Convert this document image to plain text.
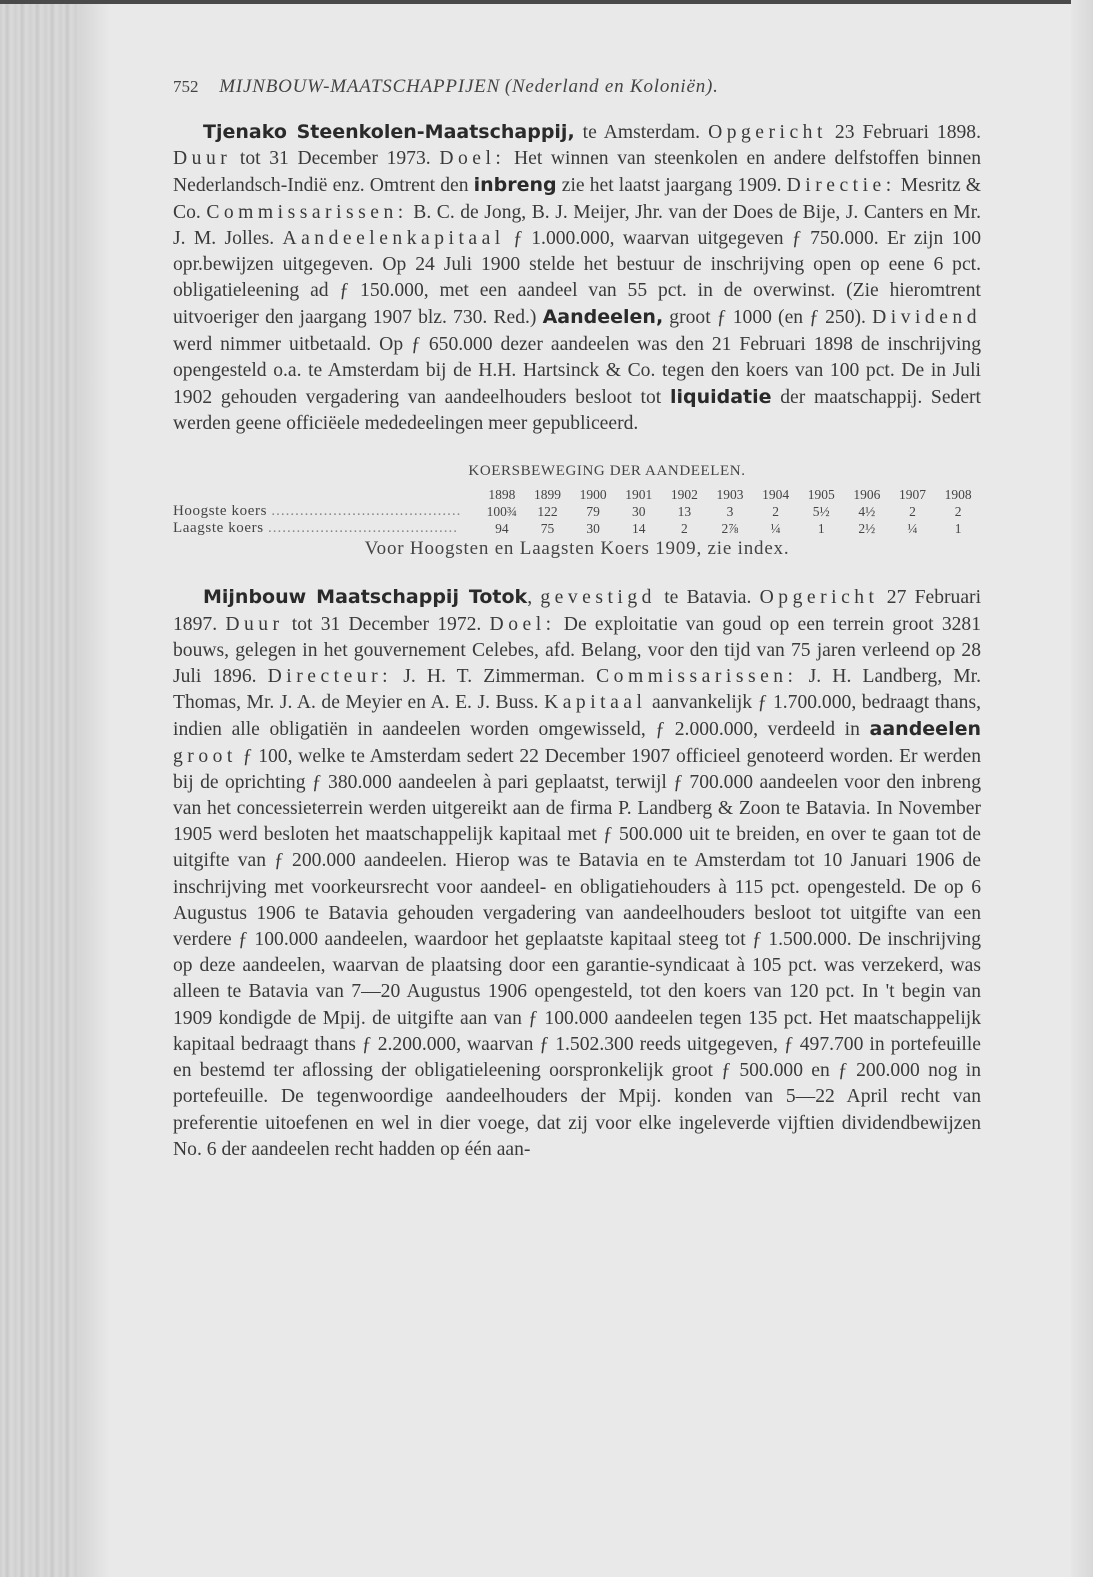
752 MIJNBOUW-MAATSCHAPPIJEN (Nederland en Koloniën).

Tjenako Steenkolen-Maatschappij, te Amsterdam. Opgericht 23 Februari 1898. Duur tot 31 December 1973. Doel: Het winnen van steenkolen en andere delfstoffen binnen Nederlandsch-Indië enz. Omtrent den inbreng zie het laatst jaargang 1909. Directie: Mesritz & Co. Commissarissen: B. C. de Jong, B. J. Meijer, Jhr. van der Does de Bije, J. Canters en Mr. J. M. Jolles. Aandeelenkapitaal ƒ 1.000.000, waarvan uitgegeven ƒ 750.000. Er zijn 100 opr.bewijzen uitgegeven. Op 24 Juli 1900 stelde het bestuur de inschrijving open op eene 6 pct. obligatieleening ad ƒ 150.000, met een aandeel van 55 pct. in de overwinst. (Zie hieromtrent uitvoeriger den jaargang 1907 blz. 730. Red.) Aandeelen, groot ƒ 1000 (en ƒ 250). Dividend werd nimmer uitbetaald. Op ƒ 650.000 dezer aandeelen was den 21 Februari 1898 de inschrijving opengesteld o.a. te Amsterdam bij de H.H. Hartsinck & Co. tegen den koers van 100 pct. De in Juli 1902 gehouden vergadering van aandeelhouders besloot tot liquidatie der maatschappij. Sedert werden geene officiëele mededeelingen meer gepubliceerd.

KOERSBEWEGING DER AANDEELEN.
	1898	1899	1900	1901	1902	1903	1904	1905	1906	1907	1908
Hoogste koers ........................................	100¾	122	79	30	13	3	2	5½	4½	2	2
Laagste koers ........................................	94	75	30	14	2	2⅞	¼	1	2½	¼	1
Voor Hoogsten en Laagsten Koers 1909, zie index.

Mijnbouw Maatschappij Totok, gevestigd te Batavia. Opgericht 27 Februari 1897. Duur tot 31 December 1972. Doel: De exploitatie van goud op een terrein groot 3281 bouws, gelegen in het gouvernement Celebes, afd. Belang, voor den tijd van 75 jaren verleend op 28 Juli 1896. Directeur: J. H. T. Zimmerman. Commissarissen: J. H. Landberg, Mr. Thomas, Mr. J. A. de Meyier en A. E. J. Buss. Kapitaal aanvankelijk ƒ 1.700.000, bedraagt thans, indien alle obligatiën in aandeelen worden omgewisseld, ƒ 2.000.000, verdeeld in aandeelen groot ƒ 100, welke te Amsterdam sedert 22 December 1907 officieel genoteerd worden. Er werden bij de oprichting ƒ 380.000 aandeelen à pari geplaatst, terwijl ƒ 700.000 aandeelen voor den inbreng van het concessieterrein werden uitgereikt aan de firma P. Landberg & Zoon te Batavia. In November 1905 werd besloten het maatschappelijk kapitaal met ƒ 500.000 uit te breiden, en over te gaan tot de uitgifte van ƒ 200.000 aandeelen. Hierop was te Batavia en te Amsterdam tot 10 Januari 1906 de inschrijving met voorkeursrecht voor aandeel- en obligatiehouders à 115 pct. opengesteld. De op 6 Augustus 1906 te Batavia gehouden vergadering van aandeelhouders besloot tot uitgifte van een verdere ƒ 100.000 aandeelen, waardoor het geplaatste kapitaal steeg tot ƒ 1.500.000. De inschrijving op deze aandeelen, waarvan de plaatsing door een garantie-syndicaat à 105 pct. was verzekerd, was alleen te Batavia van 7—20 Augustus 1906 opengesteld, tot den koers van 120 pct. In 't begin van 1909 kondigde de Mpij. de uitgifte aan van ƒ 100.000 aandeelen tegen 135 pct. Het maatschappelijk kapitaal bedraagt thans ƒ 2.200.000, waarvan ƒ 1.502.300 reeds uitgegeven, ƒ 497.700 in portefeuille en bestemd ter aflossing der obligatieleening oorspronkelijk groot ƒ 500.000 en ƒ 200.000 nog in portefeuille. De tegenwoordige aandeelhouders der Mpij. konden van 5—22 April recht van preferentie uitoefenen en wel in dier voege, dat zij voor elke ingeleverde vijftien dividendbewijzen No. 6 der aandeelen recht hadden op één aan-
